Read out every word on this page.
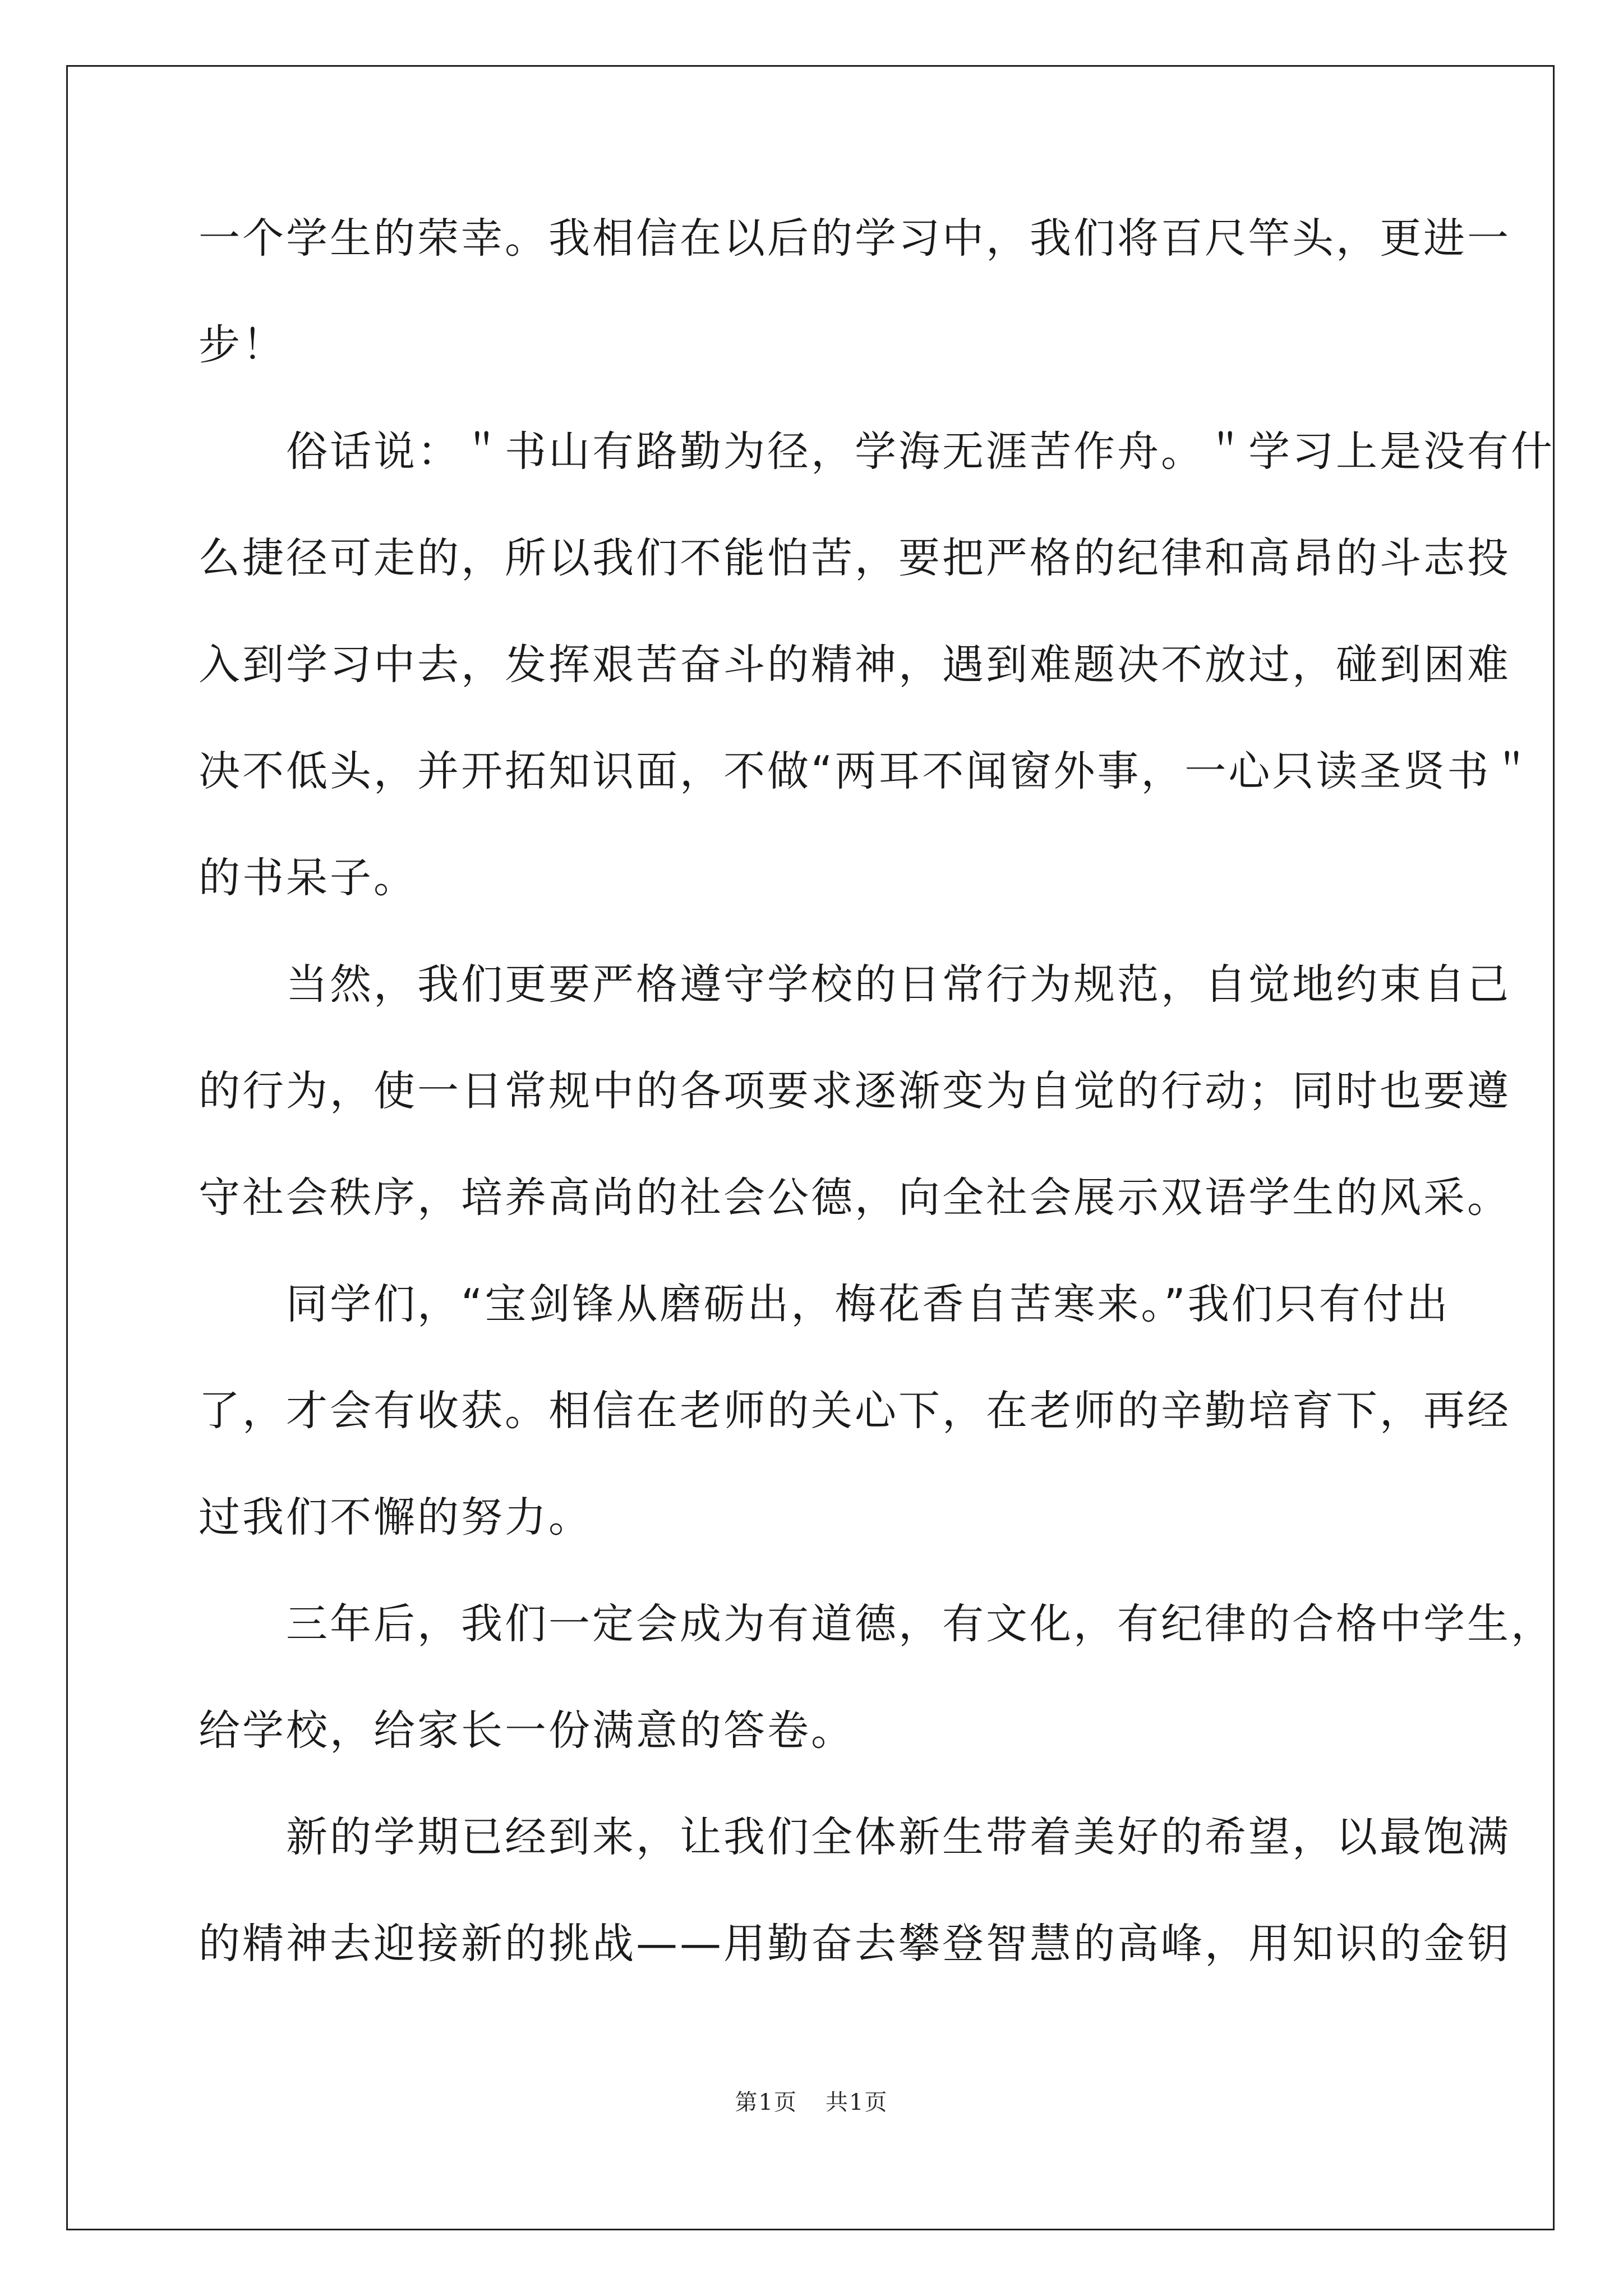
一个学生的荣幸。我相信在以后的学习中，我们将百尺竿头，更进一
步！
　　俗话说：＂书山有路勤为径，学海无涯苦作舟。＂学习上是没有什
么捷径可走的，所以我们不能怕苦，要把严格的纪律和高昂的斗志投
入到学习中去，发挥艰苦奋斗的精神，遇到难题决不放过，碰到困难
决不低头，并开拓知识面，不做“两耳不闻窗外事，一心只读圣贤书＂
的书呆子。
　　当然，我们更要严格遵守学校的日常行为规范，自觉地约束自己
的行为，使一日常规中的各项要求逐渐变为自觉的行动；同时也要遵
守社会秩序，培养高尚的社会公德，向全社会展示双语学生的风采。
　　同学们，“宝剑锋从磨砺出，梅花香自苦寒来。”我们只有付出
了，才会有收获。相信在老师的关心下，在老师的辛勤培育下，再经
过我们不懈的努力。
　　三年后，我们一定会成为有道德，有文化，有纪律的合格中学生，
给学校，给家长一份满意的答卷。
　　新的学期已经到来，让我们全体新生带着美好的希望，以最饱满
的精神去迎接新的挑战——用勤奋去攀登智慧的高峰，用知识的金钥
第1页 共1页
